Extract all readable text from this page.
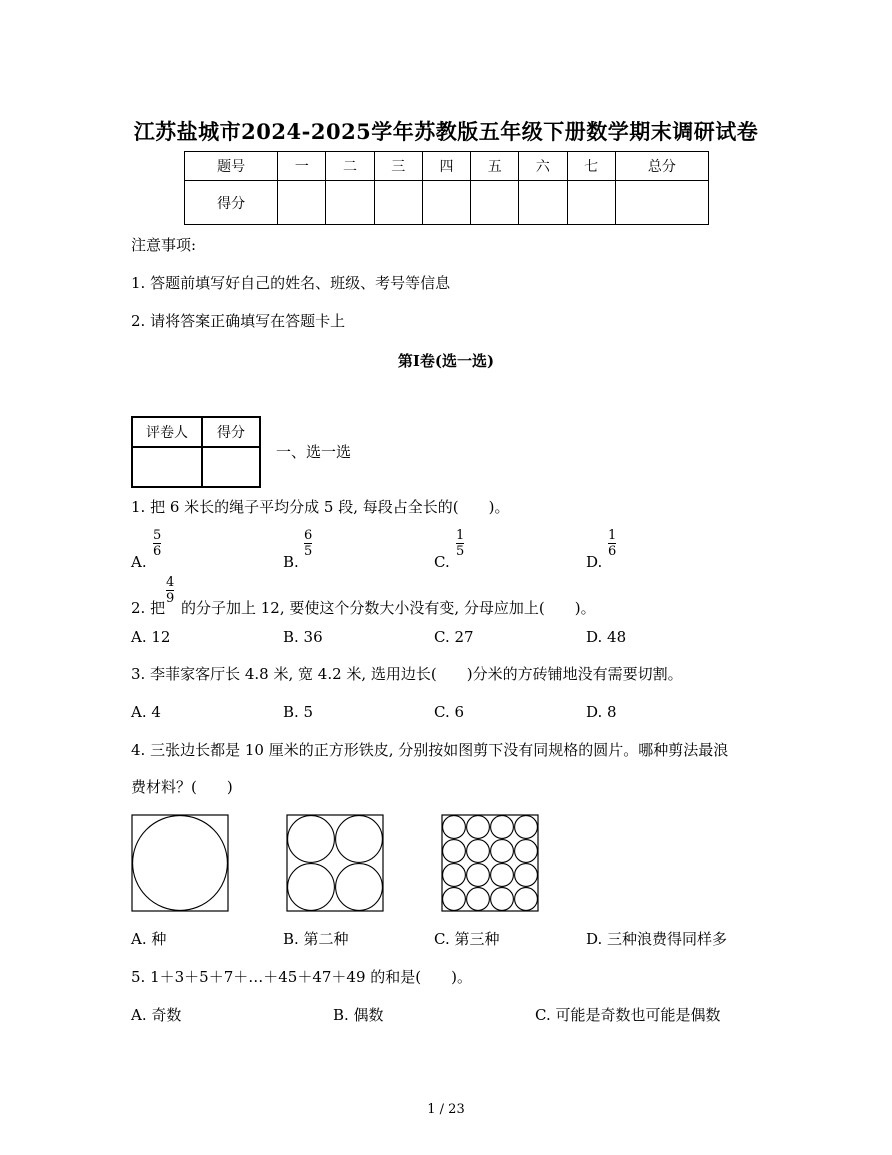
江苏盐城市2024-2025学年苏教版五年级下册数学期末调研试卷
题号	一	二	三	四	五	六	七	总分
得分								
注意事项:
1. 答题前填写好自己的姓名、班级、考号等信息
2. 请将答案正确填写在答题卡上
第I卷(选一选)
评卷人	得分

一、选一选
1. 把 6 米长的绳子平均分成 5 段, 每段占全长的(　　)。
A.
5
6
B.
6
5
C.
1
5
D.
1
6
2. 把
4
9
的分子加上 12, 要使这个分数大小没有变, 分母应加上(　　)。
A. 12	B. 36	C. 27	D. 48
3. 李菲家客厅长 4.8 米, 宽 4.2 米, 选用边长(　　)分米的方砖铺地没有需要切割。
A. 4	B. 5	C. 6	D. 8
4. 三张边长都是 10 厘米的正方形铁皮, 分别按如图剪下没有同规格的圆片。哪种剪法最浪
费材料？(　　)
A. 种	B. 第二种	C. 第三种	D. 三种浪费得同样多
5. 1＋3＋5＋7＋…＋45＋47＋49 的和是(　　)。
A. 奇数	B. 偶数	C. 可能是奇数也可能是偶数
1 / 23
